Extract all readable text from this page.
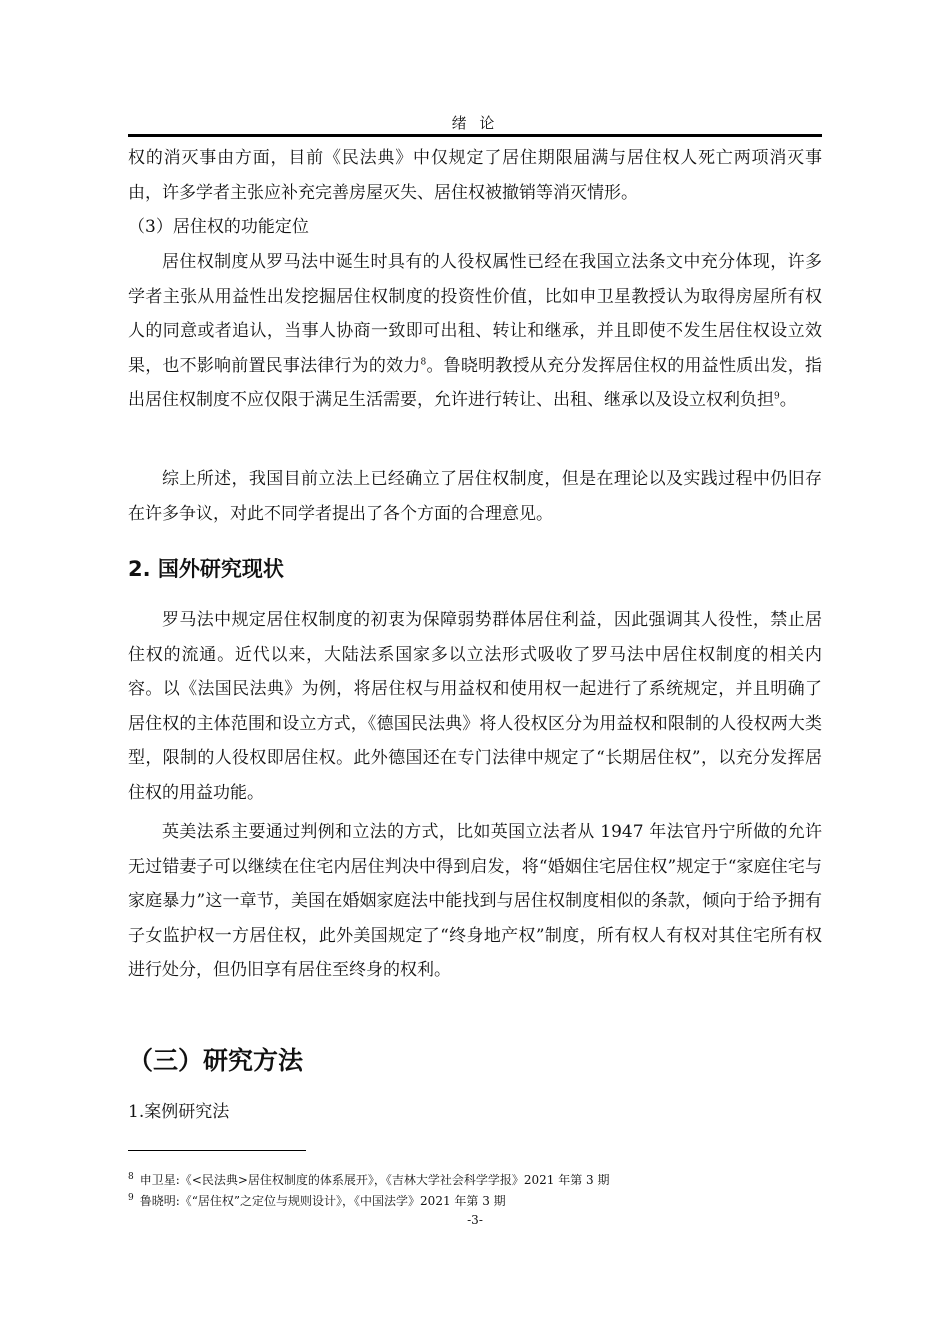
绪 论
权的消灭事由方面，目前《民法典》中仅规定了居住期限届满与居住权人死亡两项消灭事由，许多学者主张应补充完善房屋灭失、居住权被撤销等消灭情形。
（3）居住权的功能定位
居住权制度从罗马法中诞生时具有的人役权属性已经在我国立法条文中充分体现，许多学者主张从用益性出发挖掘居住权制度的投资性价值，比如申卫星教授认为取得房屋所有权人的同意或者追认，当事人协商一致即可出租、转让和继承，并且即使不发生居住权设立效果，也不影响前置民事法律行为的效力$^8$。鲁晓明教授从充分发挥居住权的用益性质出发，指出居住权制度不应仅限于满足生活需要，允许进行转让、出租、继承以及设立权利负担$^9$。
综上所述，我国目前立法上已经确立了居住权制度，但是在理论以及实践过程中仍旧存在许多争议，对此不同学者提出了各个方面的合理意见。
2. 国外研究现状
罗马法中规定居住权制度的初衷为保障弱势群体居住利益，因此强调其人役性，禁止居住权的流通。近代以来，大陆法系国家多以立法形式吸收了罗马法中居住权制度的相关内容。以《法国民法典》为例，将居住权与用益权和使用权一起进行了系统规定，并且明确了居住权的主体范围和设立方式，《德国民法典》将人役权区分为用益权和限制的人役权两大类型，限制的人役权即居住权。此外德国还在专门法律中规定了“长期居住权”，以充分发挥居住权的用益功能。
英美法系主要通过判例和立法的方式，比如英国立法者从 1947 年法官丹宁所做的允许无过错妻子可以继续在住宅内居住判决中得到启发，将“婚姻住宅居住权”规定于“家庭住宅与家庭暴力”这一章节，美国在婚姻家庭法中能找到与居住权制度相似的条款，倾向于给予拥有子女监护权一方居住权，此外美国规定了“终身地产权”制度，所有权人有权对其住宅所有权进行处分，但仍旧享有居住至终身的权利。
（三）研究方法
1.案例研究法
$^8$ 申卫星:《<民法典>居住权制度的体系展开》，《吉林大学社会科学学报》2021 年第 3 期
$^9$ 鲁晓明:《“居住权”之定位与规则设计》，《中国法学》2021 年第 3 期
-3-
